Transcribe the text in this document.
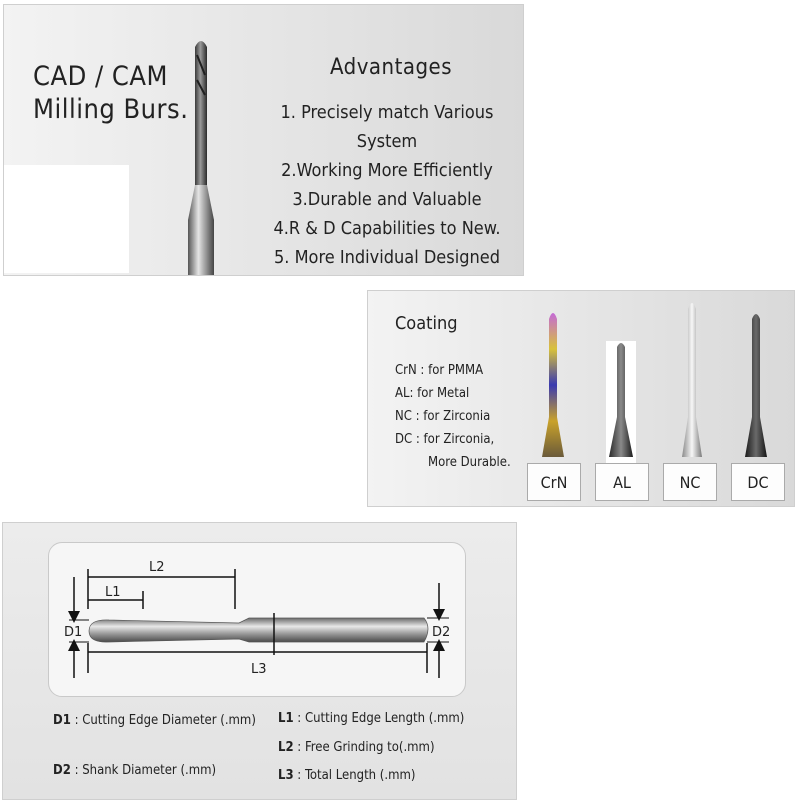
CAD / CAM
Milling Burs.
Advantages
1. Precisely match Various System
2.Working More Efficiently
3.Durable and Valuable
4.R & D Capabilities to New.
5. More Individual Designed
Coating
CrN : for PMMA
AL: for Metal
NC : for Zirconia
DC : for Zirconia,
More Durable.
CrN	AL	NC	DC
L2
L1
D1	D2
L3
D1 : Cutting Edge Diameter (.mm) L1 : Cutting Edge Length (.mm)
L2 : Free Grinding to(.mm)
D2 : Shank Diameter (.mm)	L3 : Total Length (.mm)
